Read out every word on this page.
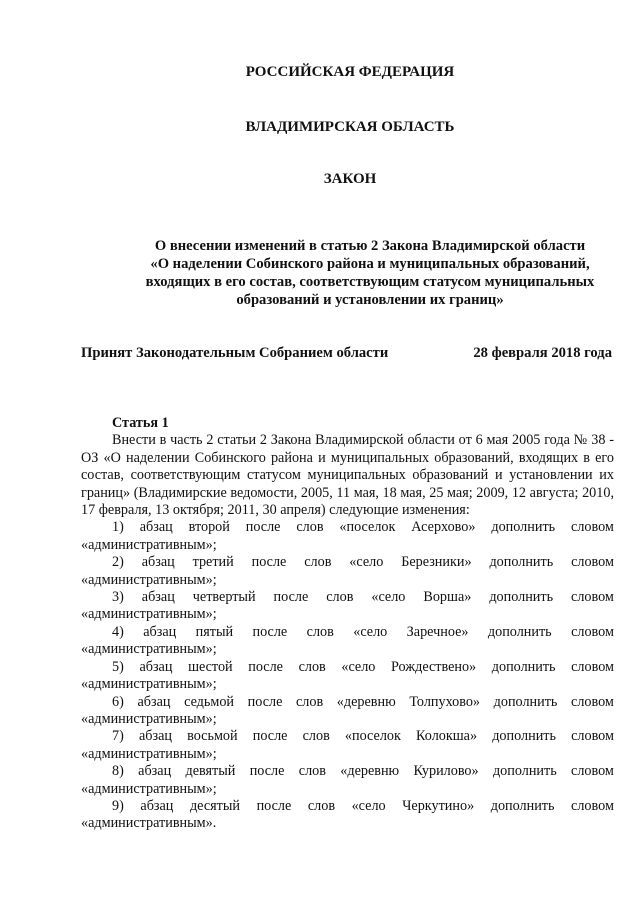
РОССИЙСКАЯ ФЕДЕРАЦИЯ
ВЛАДИМИРСКАЯ ОБЛАСТЬ
ЗАКОН
О внесении изменений в статью 2 Закона Владимирской области
«О наделении Собинского района и муниципальных образований,
входящих в его состав, соответствующим статусом муниципальных
образований и установлении их границ»
Принят Законодательным Собранием области	28 февраля 2018 года
Статья 1

Внести в часть 2 статьи 2 Закона Владимирской области от 6 мая 2005 года № 38 - ОЗ «О наделении Собинского района и муниципальных образований, входящих в его состав, соответствующим статусом муниципальных образований и установлении их границ» (Владимирские ведомости, 2005, 11 мая, 18 мая, 25 мая; 2009, 12 августа; 2010, 17 февраля, 13 октября; 2011, 30 апреля) следующие изменения:

1) абзац второй после слов «поселок Асерхово» дополнить словом
«административным»;
2) абзац третий после слов «село Березники» дополнить словом
«административным»;
3) абзац четвертый после слов «село Ворша» дополнить словом
«административным»;
4) абзац пятый после слов «село Заречное» дополнить словом
«административным»;
5) абзац шестой после слов «село Рождествено» дополнить словом
«административным»;
6) абзац седьмой после слов «деревню Толпухово» дополнить словом
«административным»;
7) абзац восьмой после слов «поселок Колокша» дополнить словом
«административным»;
8) абзац девятый после слов «деревню Курилово» дополнить словом
«административным»;
9) абзац десятый после слов «село Черкутино» дополнить словом
«административным».
